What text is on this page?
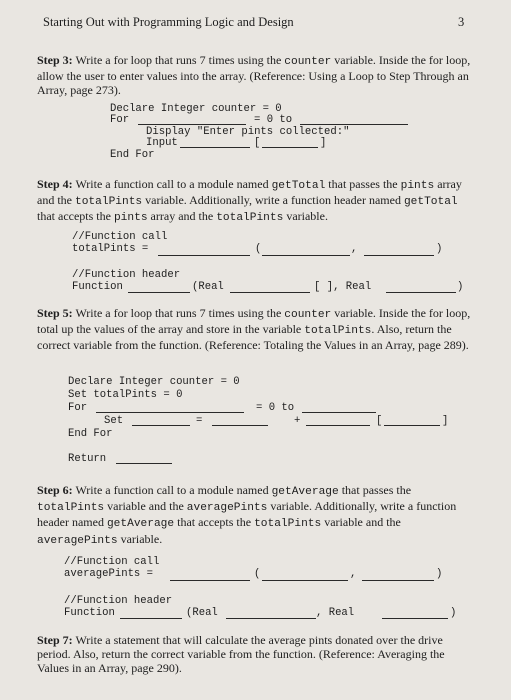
Starting Out with Programming Logic and Design	3
Step 3: Write a for loop that runs 7 times using the counter variable. Inside the for loop, allow the user to enter values into the array. (Reference: Using a Loop to Step Through an Array, page 273).
Declare Integer counter = 0
For	= 0 to
Display "Enter pints collected:"
Input	[	]
End For
Step 4: Write a function call to a module named getTotal that passes the pints array and the totalPints variable. Additionally, write a function header named getTotal that accepts the pints array and the totalPints variable.
//Function call
totalPints =	(	,	)
//Function header
Function	(Real	[ ], Real	)
Step 5: Write a for loop that runs 7 times using the counter variable. Inside the for loop, total up the values of the array and store in the variable totalPints. Also, return the correct variable from the function. (Reference: Totaling the Values in an Array, page 289).
Declare Integer counter = 0
Set totalPints = 0
For	= 0 to
Set	=	+	[	]
End For
Return
Step 6: Write a function call to a module named getAverage that passes the totalPints variable and the averagePints variable. Additionally, write a function header named getAverage that accepts the totalPints variable and the averagePints variable.
//Function call
averagePints =	(	,	)
//Function header
Function	(Real	, Real	)
Step 7: Write a statement that will calculate the average pints donated over the drive period. Also, return the correct variable from the function. (Reference: Averaging the Values in an Array, page 290).
